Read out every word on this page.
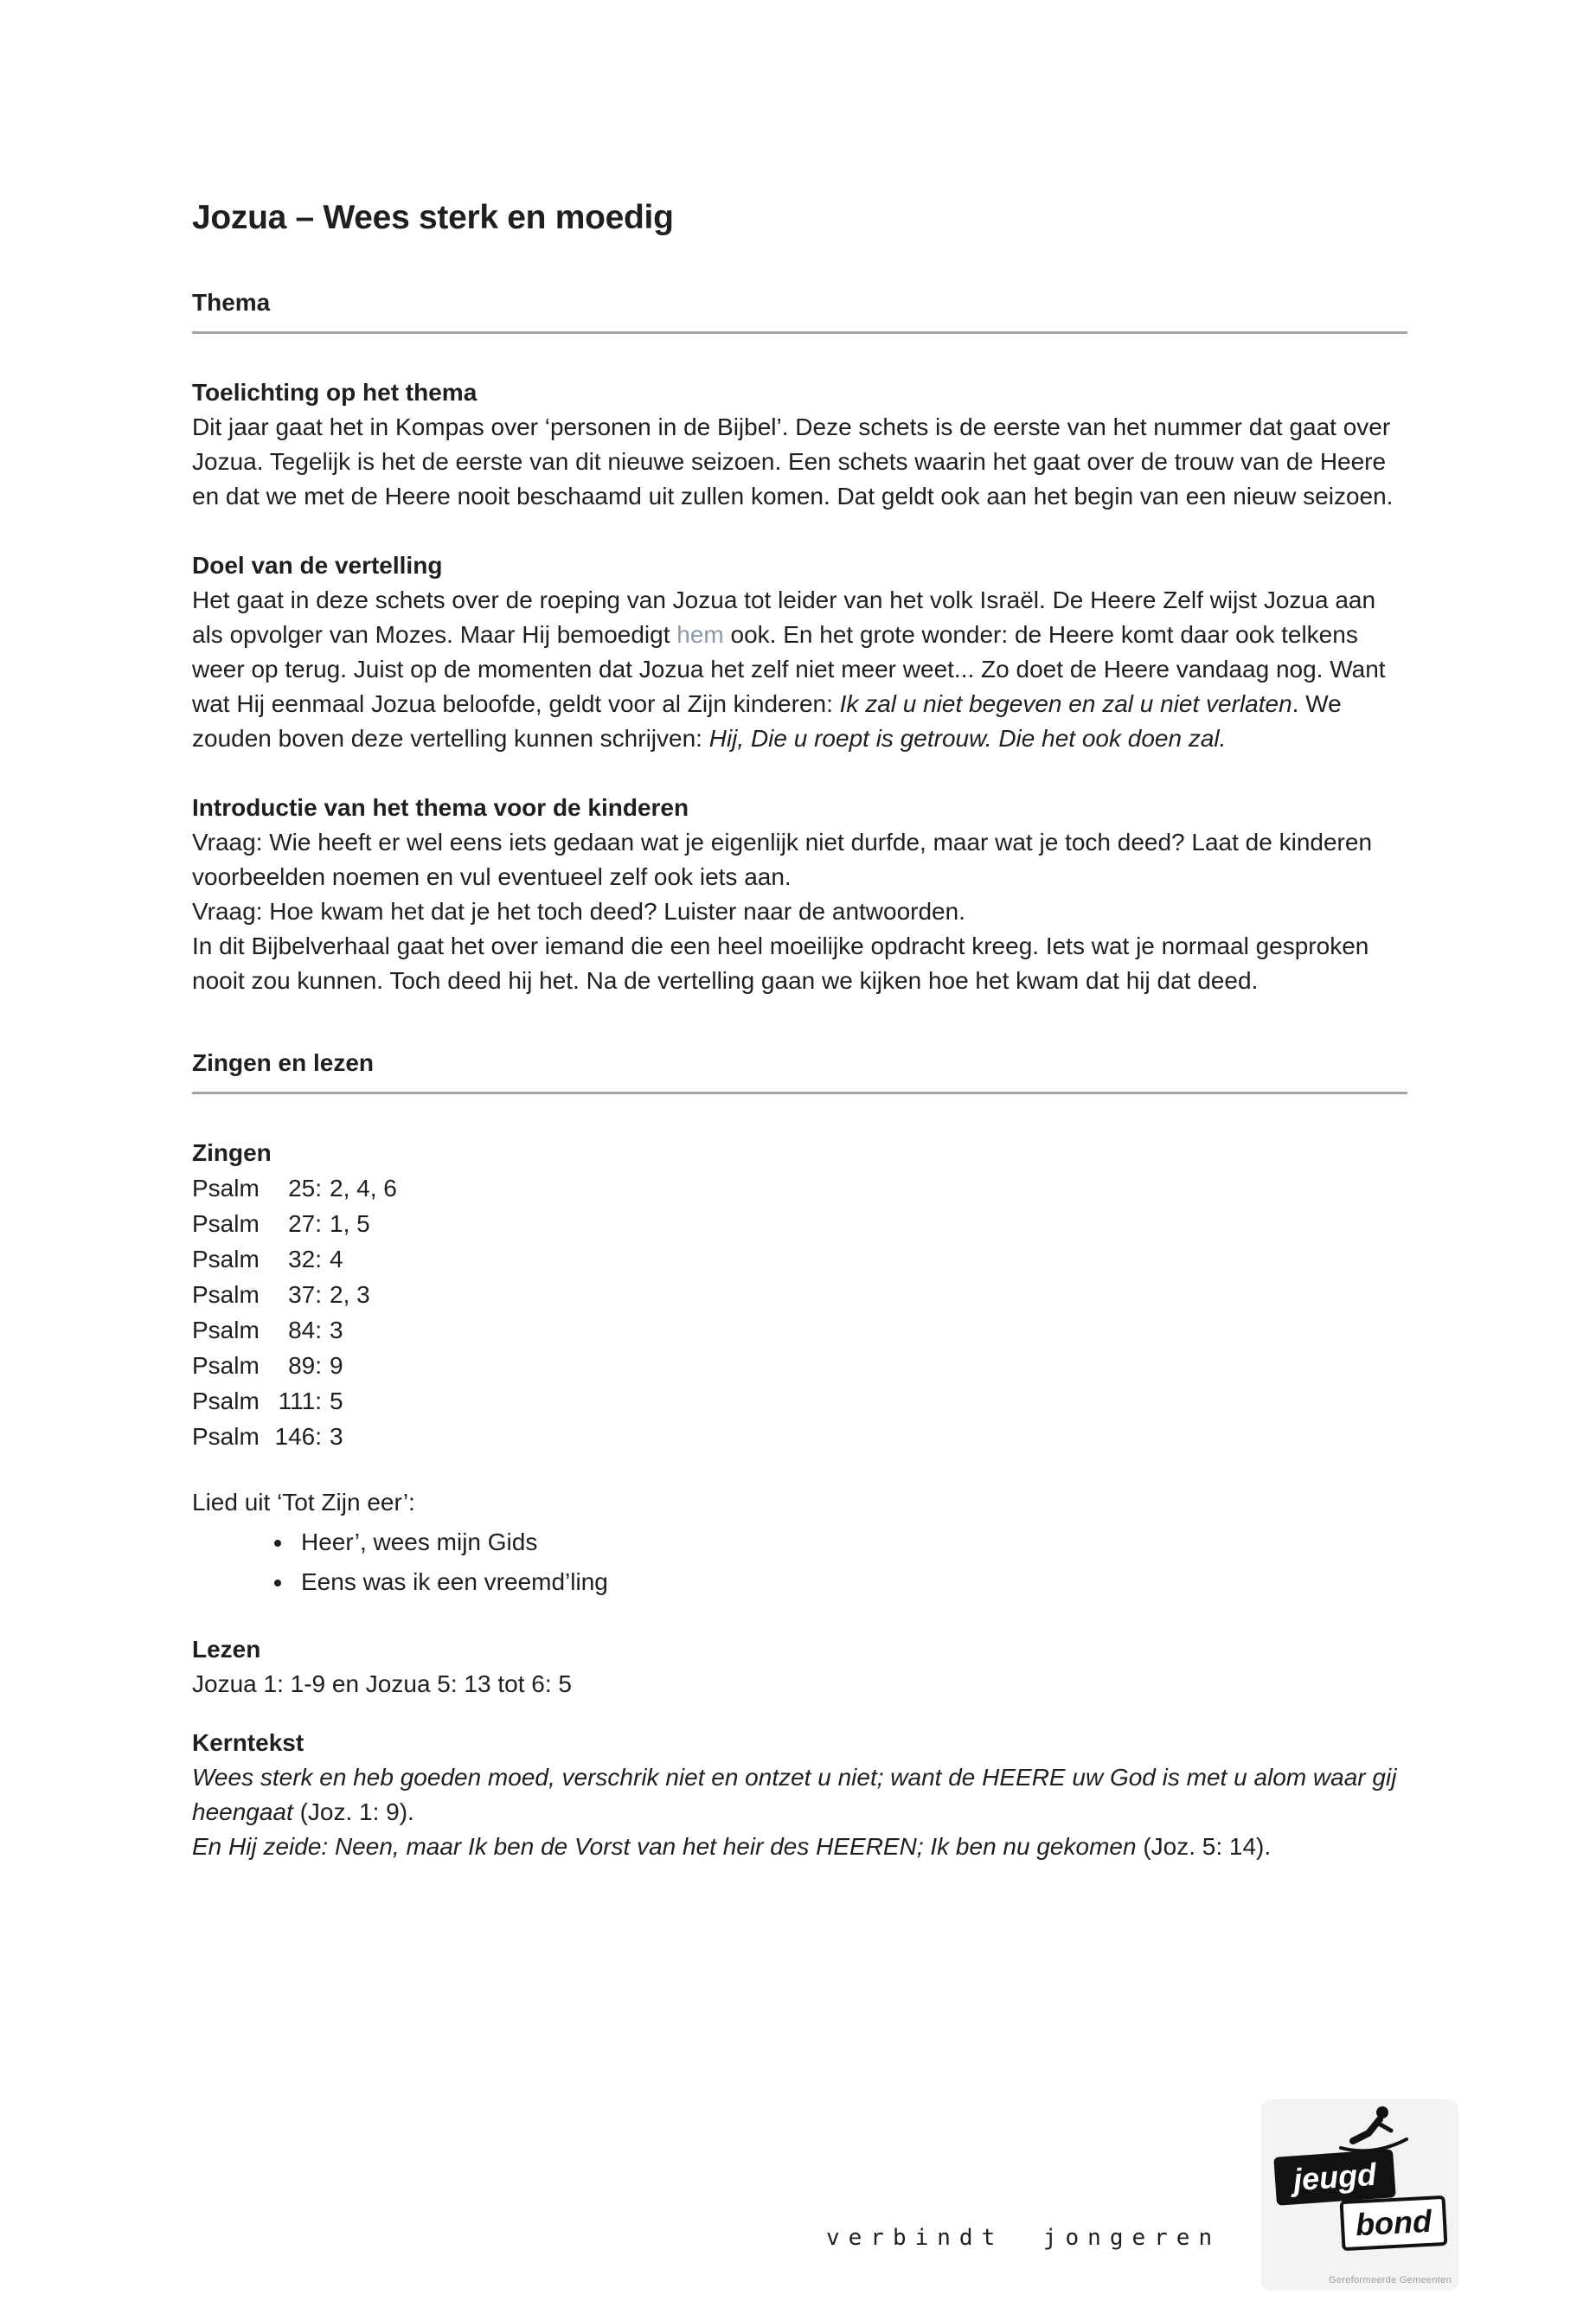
Jozua – Wees sterk en moedig
Thema
Toelichting op het thema

Dit jaar gaat het in Kompas over ‘personen in de Bijbel’. Deze schets is de eerste van het nummer dat gaat over Jozua. Tegelijk is het de eerste van dit nieuwe seizoen. Een schets waarin het gaat over de trouw van de Heere en dat we met de Heere nooit beschaamd uit zullen komen. Dat geldt ook aan het begin van een nieuw seizoen.

Doel van de vertelling

Het gaat in deze schets over de roeping van Jozua tot leider van het volk Israël. De Heere Zelf wijst Jozua aan als opvolger van Mozes. Maar Hij bemoedigt hem ook. En het grote wonder: de Heere komt daar ook telkens weer op terug. Juist op de momenten dat Jozua het zelf niet meer weet... Zo doet de Heere vandaag nog. Want wat Hij eenmaal Jozua beloofde, geldt voor al Zijn kinderen: Ik zal u niet begeven en zal u niet verlaten. We zouden boven deze vertelling kunnen schrijven: Hij, Die u roept is getrouw. Die het ook doen zal.

Introductie van het thema voor de kinderen

Vraag: Wie heeft er wel eens iets gedaan wat je eigenlijk niet durfde, maar wat je toch deed? Laat de kinderen voorbeelden noemen en vul eventueel zelf ook iets aan.

Vraag: Hoe kwam het dat je het toch deed? Luister naar de antwoorden.

In dit Bijbelverhaal gaat het over iemand die een heel moeilijke opdracht kreeg. Iets wat je normaal gesproken nooit zou kunnen. Toch deed hij het. Na de vertelling gaan we kijken hoe het kwam dat hij dat deed.

Zingen en lezen
Zingen
Psalm	25: 2, 4, 6
Psalm	27: 1, 5
Psalm	32: 4
Psalm	37: 2, 3
Psalm	84: 3
Psalm	89: 9
Psalm 111: 5
Psalm 146: 3

Lied uit ‘Tot Zijn eer’:

• Heer’, wees mijn Gids
• Eens was ik een vreemd’ling
Lezen

Jozua 1: 1-9 en Jozua 5: 13 tot 6: 5

Kerntekst

Wees sterk en heb goeden moed, verschrik niet en ontzet u niet; want de HEERE uw God is met u alom waar gij heengaat (Joz. 1: 9).

En Hij zeide: Neen, maar Ik ben de Vorst van het heir des HEEREN; Ik ben nu gekomen (Joz. 5: 14).

verbindt jongeren
jeugd
bond
Gereformeerde Gemeenten
